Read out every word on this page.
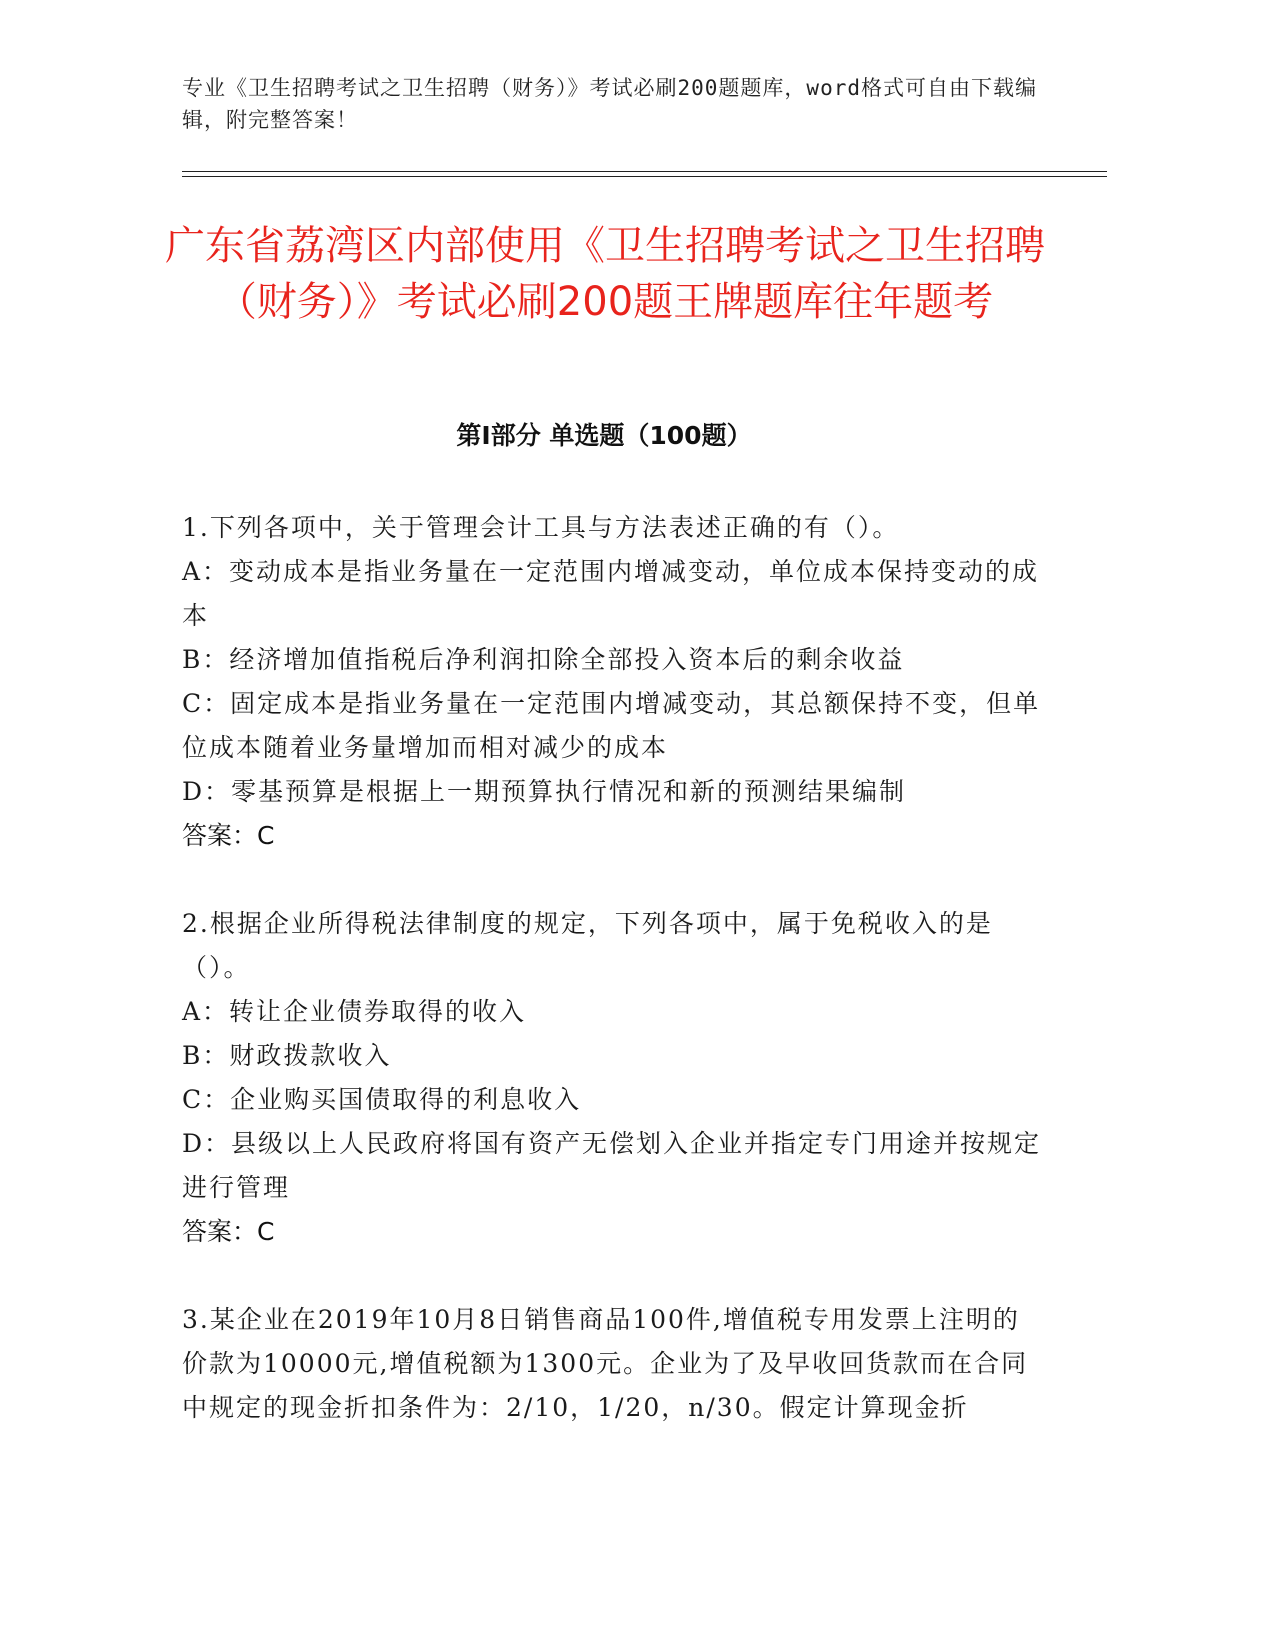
专业《卫生招聘考试之卫生招聘（财务）》考试必刷200题题库，word格式可自由下载编辑，附完整答案！
广东省荔湾区内部使用《卫生招聘考试之卫生招聘（财务）》考试必刷200题王牌题库往年题考
第Ⅰ部分 单选题（100题）

1.下列各项中，关于管理会计工具与方法表述正确的有（）。

A：变动成本是指业务量在一定范围内增减变动，单位成本保持变动的成本

B：经济增加值指税后净利润扣除全部投入资本后的剩余收益

C：固定成本是指业务量在一定范围内增减变动，其总额保持不变，但单位成本随着业务量增加而相对减少的成本

D：零基预算是根据上一期预算执行情况和新的预测结果编制

答案：C

2.根据企业所得税法律制度的规定，下列各项中，属于免税收入的是（）。

A：转让企业债券取得的收入

B：财政拨款收入

C：企业购买国债取得的利息收入

D：县级以上人民政府将国有资产无偿划入企业并指定专门用途并按规定进行管理

答案：C

3.某企业在2019年10月8日销售商品100件,增值税专用发票上注明的价款为10000元,增值税额为1300元。企业为了及早收回货款而在合同中规定的现金折扣条件为：2/10，1/20，n/30。假定计算现金折
